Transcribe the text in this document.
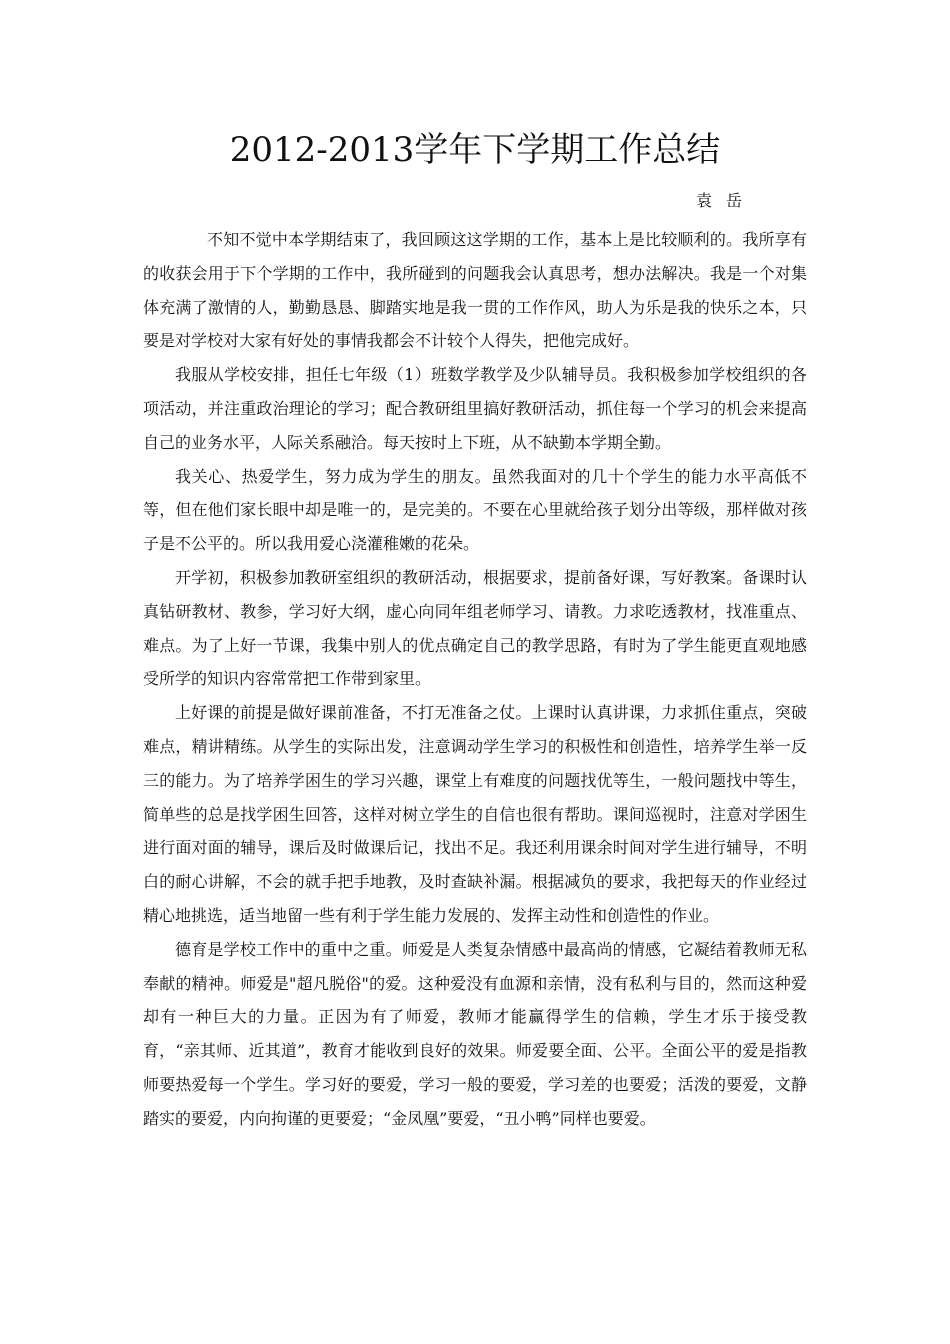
2012-2013学年下学期工作总结

袁岳

不知不觉中本学期结束了，我回顾这这学期的工作，基本上是比较顺利的。我所享有的收获会用于下个学期的工作中，我所碰到的问题我会认真思考，想办法解决。我是一个对集体充满了激情的人，勤勤恳恳、脚踏实地是我一贯的工作作风，助人为乐是我的快乐之本，只要是对学校对大家有好处的事情我都会不计较个人得失，把他完成好。

我服从学校安排，担任七年级（1）班数学教学及少队辅导员。我积极参加学校组织的各项活动，并注重政治理论的学习；配合教研组里搞好教研活动，抓住每一个学习的机会来提高自己的业务水平，人际关系融洽。每天按时上下班，从不缺勤本学期全勤。

我关心、热爱学生，努力成为学生的朋友。虽然我面对的几十个学生的能力水平高低不等，但在他们家长眼中却是唯一的，是完美的。不要在心里就给孩子划分出等级，那样做对孩子是不公平的。所以我用爱心浇灌稚嫩的花朵。

开学初，积极参加教研室组织的教研活动，根据要求，提前备好课，写好教案。备课时认真钻研教材、教参，学习好大纲，虚心向同年组老师学习、请教。力求吃透教材，找准重点、难点。为了上好一节课，我集中别人的优点确定自己的教学思路，有时为了学生能更直观地感受所学的知识内容常常把工作带到家里。

上好课的前提是做好课前准备，不打无准备之仗。上课时认真讲课，力求抓住重点，突破难点，精讲精练。从学生的实际出发，注意调动学生学习的积极性和创造性，培养学生举一反三的能力。为了培养学困生的学习兴趣，课堂上有难度的问题找优等生，一般问题找中等生，简单些的总是找学困生回答，这样对树立学生的自信也很有帮助。课间巡视时，注意对学困生进行面对面的辅导，课后及时做课后记，找出不足。我还利用课余时间对学生进行辅导，不明白的耐心讲解，不会的就手把手地教，及时查缺补漏。根据减负的要求，我把每天的作业经过精心地挑选，适当地留一些有利于学生能力发展的、发挥主动性和创造性的作业。

德育是学校工作中的重中之重。师爱是人类复杂情感中最高尚的情感，它凝结着教师无私奉献的精神。师爱是"超凡脱俗"的爱。这种爱没有血源和亲情，没有私利与目的，然而这种爱却有一种巨大的力量。正因为有了师爱，教师才能赢得学生的信赖，学生才乐于接受教育，“亲其师、近其道”，教育才能收到良好的效果。师爱要全面、公平。全面公平的爱是指教师要热爱每一个学生。学习好的要爱，学习一般的要爱，学习差的也要爱；活泼的要爱，文静踏实的要爱，内向拘谨的更要爱；“金凤凰”要爱，“丑小鸭”同样也要爱。
